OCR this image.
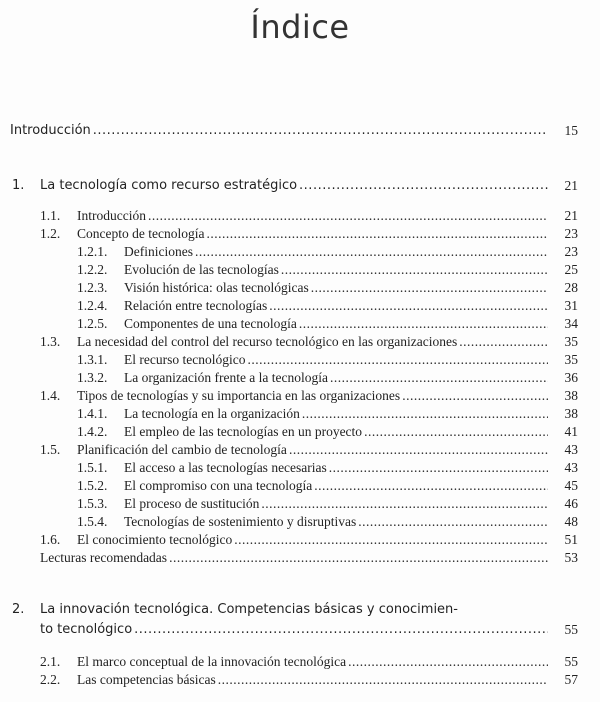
Índice
Introducción .....	15
1. La tecnología como recurso estratégico .....	21
1.1. Introducción .....	21
1.2. Concepto de tecnología .....	23
1.2.1. Definiciones .....	23
1.2.2. Evolución de las tecnologías .....	25
1.2.3. Visión histórica: olas tecnológicas .....	28
1.2.4. Relación entre tecnologías .....	31
1.2.5. Componentes de una tecnología .....	34
1.3. La necesidad del control del recurso tecnológico en las organizaciones .....	35
1.3.1. El recurso tecnológico .....	35
1.3.2. La organización frente a la tecnología .....	36
1.4. Tipos de tecnologías y su importancia en las organizaciones .....	38
1.4.1. La tecnología en la organización .....	38
1.4.2. El empleo de las tecnologías en un proyecto .....	41
1.5. Planificación del cambio de tecnología .....	43
1.5.1. El acceso a las tecnologías necesarias .....	43
1.5.2. El compromiso con una tecnología .....	45
1.5.3. El proceso de sustitución .....	46
1.5.4. Tecnologías de sostenimiento y disruptivas .....	48
1.6. El conocimiento tecnológico .....	51
Lecturas recomendadas .....	53
2. La innovación tecnológica. Competencias básicas y conocimien-
to tecnológico .....	55
2.1. El marco conceptual de la innovación tecnológica .....	55
2.2. Las competencias básicas .....	57
